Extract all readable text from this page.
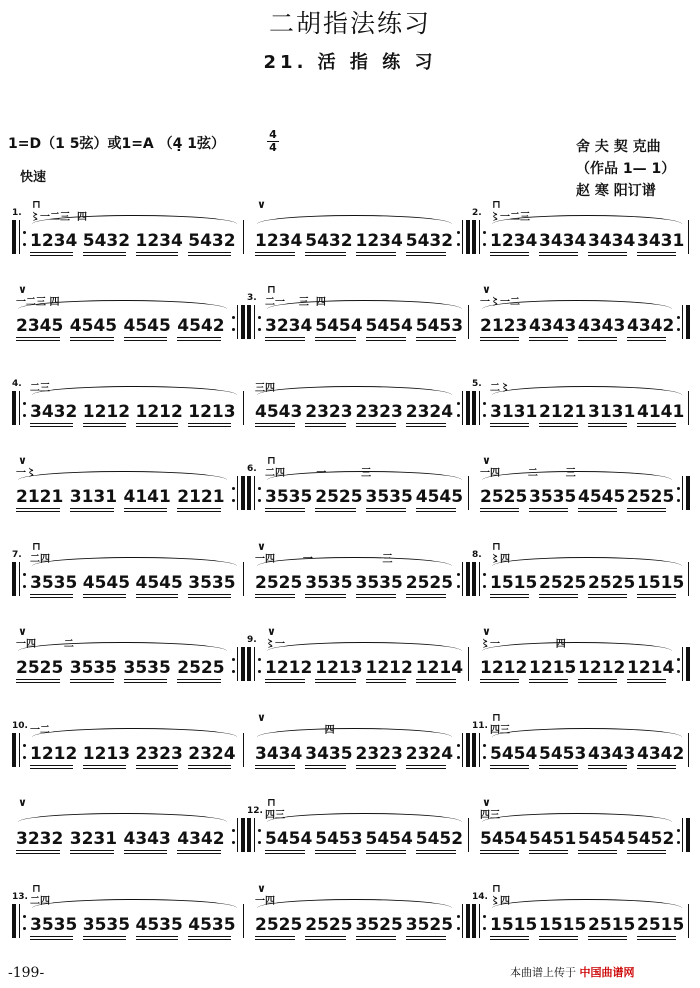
二胡指法练习
21. 活 指 练 习
1=D（1 5弦）或1=A （4̣ 1弦）
4
4
快速
舍 夫 契 克曲
（作品 1— 1）
赵 寒 阳订谱
1.
⊓
〻一二三  四
1234 5432 1234 5432
∨
1234 5432 1234 5432
2.
⊓
〻一二三
1234 3434 3434 3431
∨
一二三 四
2345 4545 4545 4542
3.
⊓
二一    三  四
3234 5454 5454 5453
∨
一〻一二
2123 4343 4343 4342
4. 二三
3432 1212 1212 1213
三四
4543 2323 2323 2324
5. 二〻
3131 2121 3131 4141
∨
一〻
2121 3131 4141 2121
6.
⊓
二四         一          三
3535 2525 3535 4545
∨
一四        二        三
2525 3535 4545 2525
7.
⊓
二四
3535 4545 4545 3535
∨
一四        一                    三
2525 3535 3535 2525
8.
⊓
〻四
1515 2525 2525 1515
∨
一四        二
2525 3535 3535 2525
9.
∨
〻一
1212 1213 1212 1214
∨
〻一                四
1212 1215 1212 1214
10. 一二
1212 1213 2323 2324
∨
四
3434 3435 2323 2324
11.
⊓
四三
5454 5453 4343 4342
∨
3232 3231 4343 4342
12.
⊓
四三
5454 5453 5454 5452
∨
四三
5454 5451 5454 5452
13.
⊓
二四
3535 3535 4535 4535
∨
一四
2525 2525 3525 3525
14.
⊓
〻四
1515 1515 2515 2515
-199-	本曲谱上传于 中国曲谱网
